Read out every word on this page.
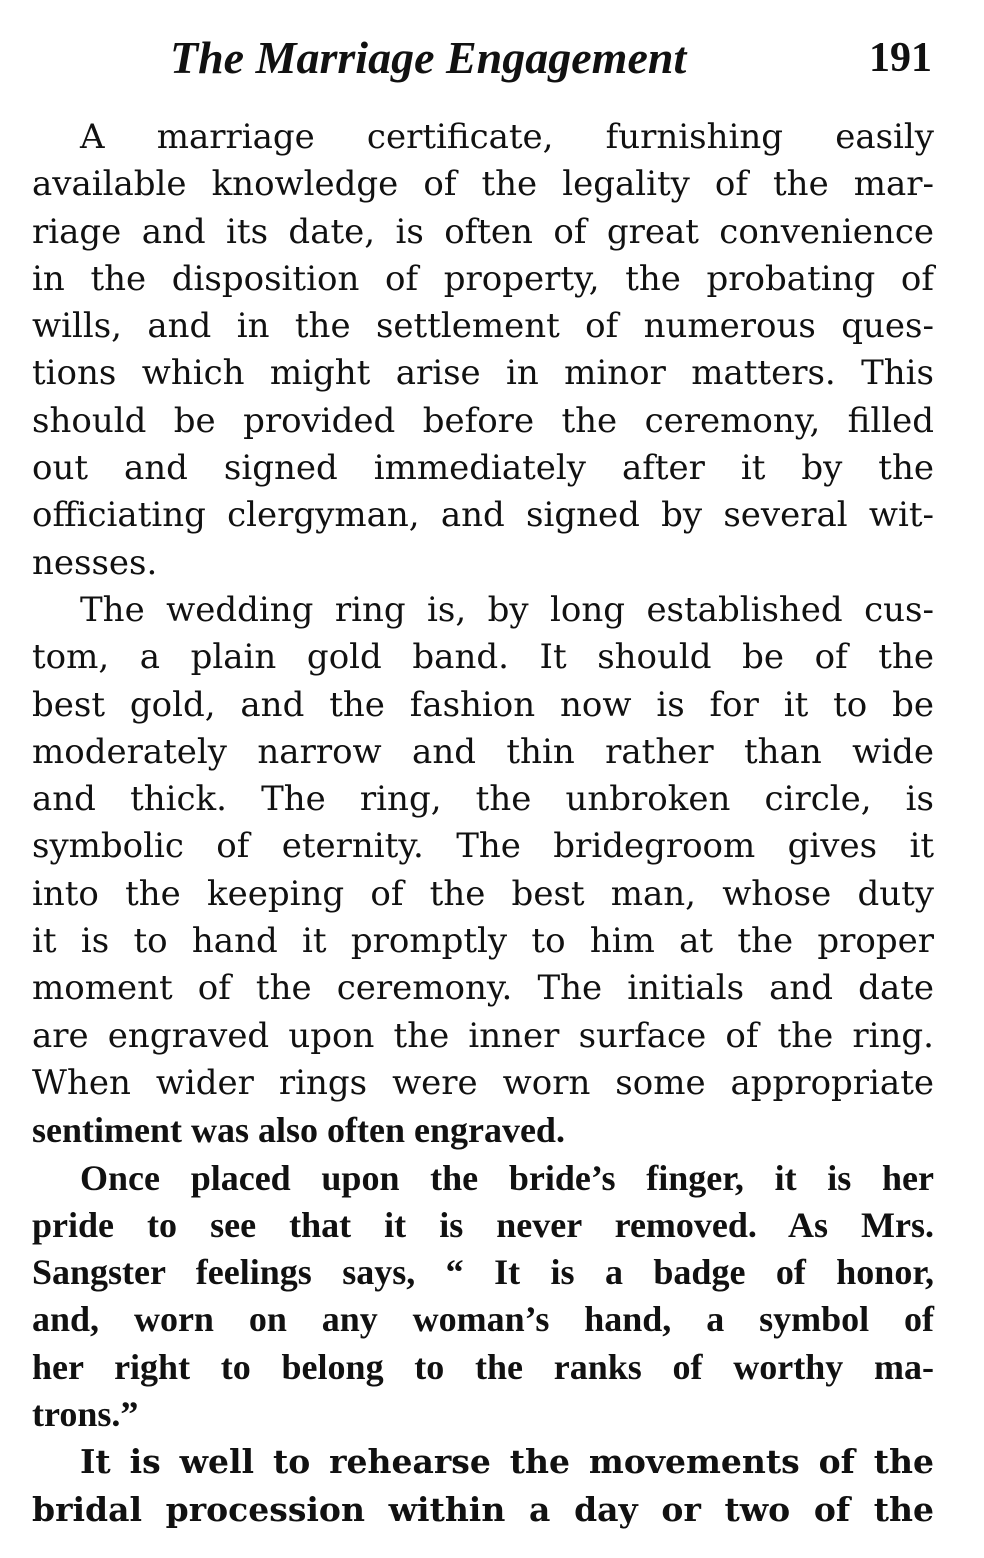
The Marriage Engagement	191
A marriage certificate, furnishing easily
available knowledge of the legality of the mar-
riage and its date, is often of great convenience
in the disposition of property, the probating of
wills, and in the settlement of numerous ques-
tions which might arise in minor matters. This
should be provided before the ceremony, filled
out and signed immediately after it by the
officiating clergyman, and signed by several wit-
nesses.
The wedding ring is, by long established cus-
tom, a plain gold band. It should be of the
best gold, and the fashion now is for it to be
moderately narrow and thin rather than wide
and thick. The ring, the unbroken circle, is
symbolic of eternity. The bridegroom gives it
into the keeping of the best man, whose duty
it is to hand it promptly to him at the proper
moment of the ceremony. The initials and date
are engraved upon the inner surface of the ring.
When wider rings were worn some appropriate
sentiment was also often engraved.
Once placed upon the bride’s finger, it is her
pride to see that it is never removed. As Mrs.
Sangster feelings says, “ It is a badge of honor,
and, worn on any woman’s hand, a symbol of
her right to belong to the ranks of worthy ma-
trons.”
It is well to rehearse the movements of the
bridal procession within a day or two of the
